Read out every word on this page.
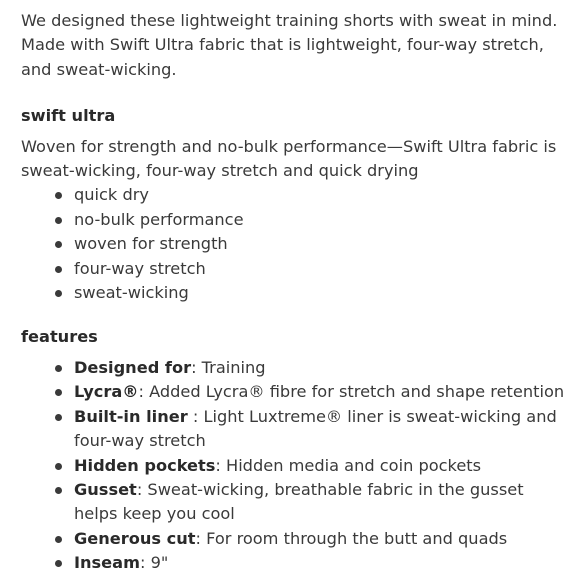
We designed these lightweight training shorts with sweat in mind. Made with Swift Ultra fabric that is lightweight, four-way stretch, and sweat-wicking.

swift ultra

Woven for strength and no-bulk performance—Swift Ultra fabric is sweat-wicking, four-way stretch and quick drying

quick dry
no-bulk performance
woven for strength
four-way stretch
sweat-wicking

features

Designed for: Training
Lycra®: Added Lycra® fibre for stretch and shape retention
Built-in liner : Light Luxtreme® liner is sweat-wicking and four-way stretch
Hidden pockets: Hidden media and coin pockets
Gusset: Sweat-wicking, breathable fabric in the gusset helps keep you cool
Generous cut: For room through the butt and quads
Inseam: 9"
